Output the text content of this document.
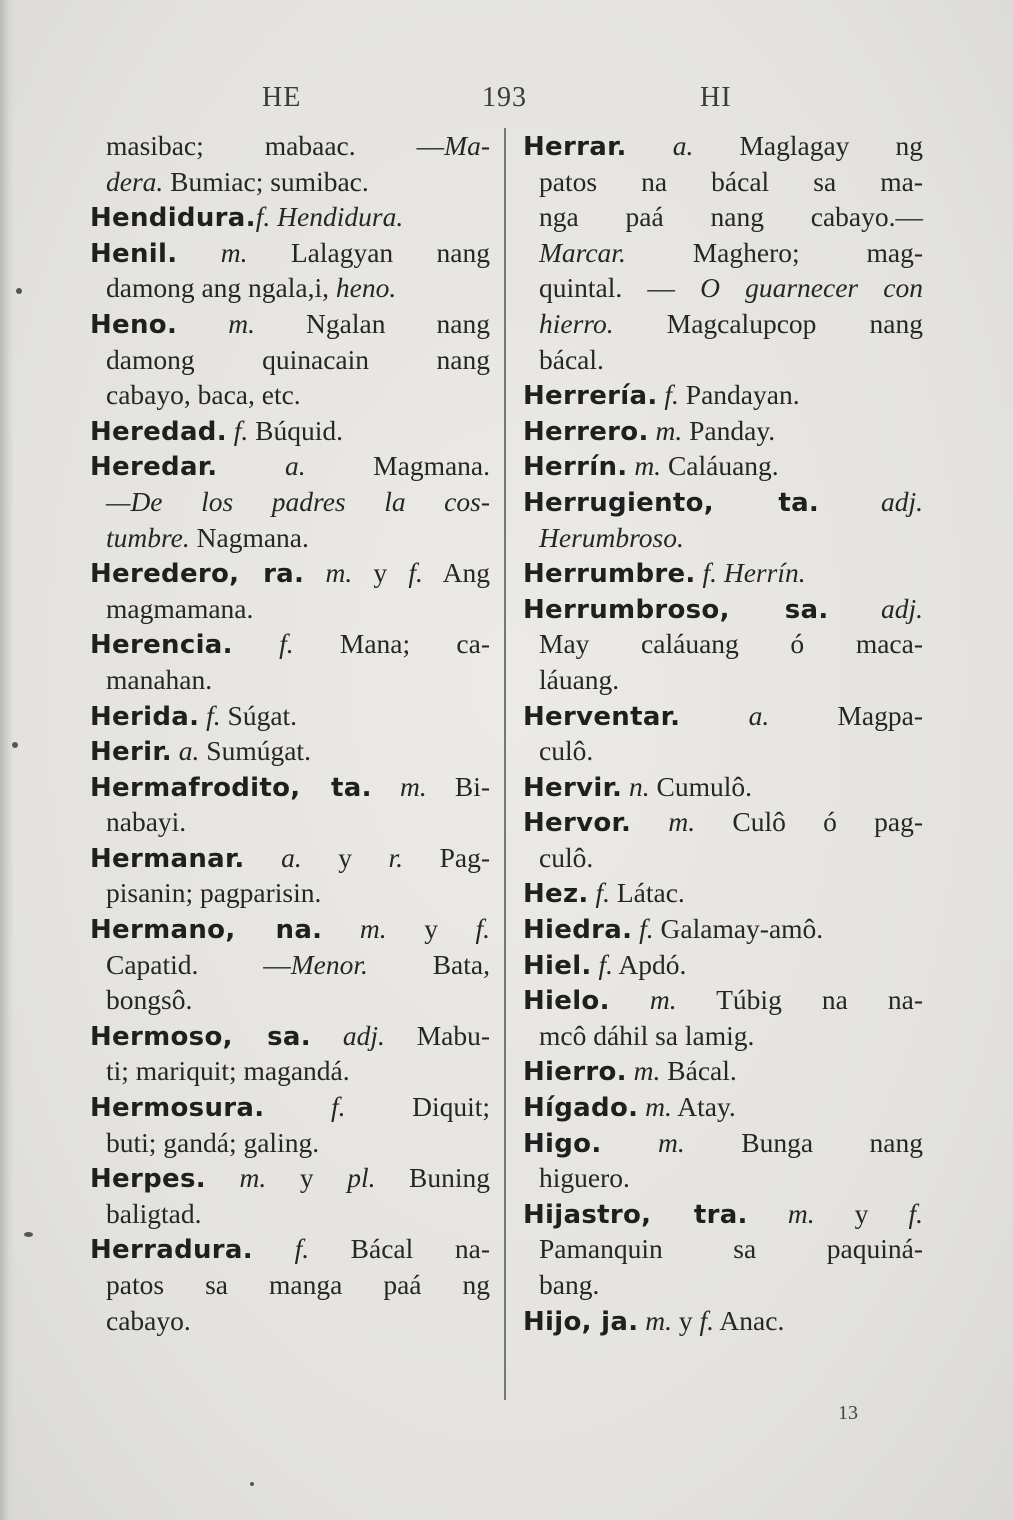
HE	193	HI
masibac; mabaac. —Ma-
dera. Bumiac; sumibac.
Hendidura.f. Hendidura.
Henil. m. Lalagyan nang
damong ang ngala,i, heno.
Heno. m. Ngalan nang
damong quinacain nang
cabayo, baca, etc.
Heredad. f. Búquid.
Heredar. a. Magmana.
—De los padres la cos-
tumbre. Nagmana.
Heredero, ra. m. y f. Ang
magmamana.
Herencia. f. Mana; ca-
manahan.
Herida. f. Súgat.
Herir. a. Sumúgat.
Hermafrodito, ta. m. Bi-
nabayi.
Hermanar. a. y r. Pag-
pisanin; pagparisin.
Hermano, na. m. y f.
Capatid. —Menor. Bata,
bongsô.
Hermoso, sa. adj. Mabu-
ti; mariquit; magandá.
Hermosura. f. Diquit;
buti; gandá; galing.
Herpes. m. y pl. Buning
baligtad.
Herradura. f. Bácal na-
patos sa manga paá ng
cabayo.
Herrar. a. Maglagay ng
patos na bácal sa ma-
nga paá nang cabayo.—
Marcar. Maghero; mag-
quintal. — O guarnecer con
hierro. Magcalupcop nang
bácal.
Herrería. f. Pandayan.
Herrero. m. Panday.
Herrín. m. Caláuang.
Herrugiento, ta. adj.
Herumbroso.
Herrumbre. f. Herrín.
Herrumbroso, sa. adj.
May caláuang ó maca-
láuang.
Herventar. a. Magpa-
culô.
Hervir. n. Cumulô.
Hervor. m. Culô ó pag-
culô.
Hez. f. Látac.
Hiedra. f. Galamay-amô.
Hiel. f. Apdó.
Hielo. m. Túbig na na-
mcô dáhil sa lamig.
Hierro. m. Bácal.
Hígado. m. Atay.
Higo. m. Bunga nang
higuero.
Hijastro, tra. m. y f.
Pamanquin sa paquiná-
bang.
Hijo, ja. m. y f. Anac.
13
